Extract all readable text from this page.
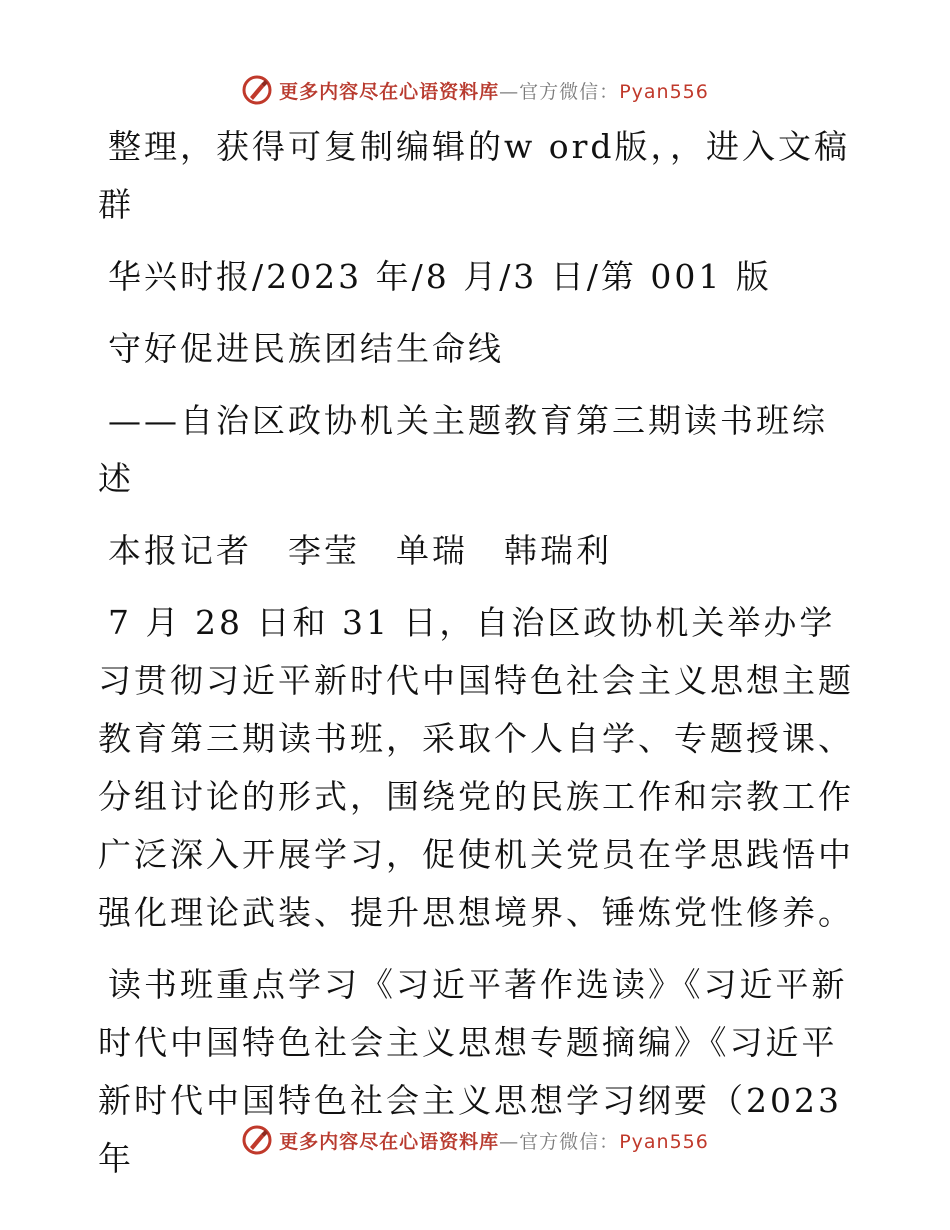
更多内容尽在心语资料库—官方微信：Pyan556

整理，获得可复制编辑的w ord版，，进入文稿群

华兴时报/2023 年/8 月/3 日/第 001 版

守好促进民族团结生命线

——自治区政协机关主题教育第三期读书班综述

本报记者　李莹　单瑞　韩瑞利

7 月 28 日和 31 日，自治区政协机关举办学习贯彻习近平新时代中国特色社会主义思想主题教育第三期读书班，采取个人自学、专题授课、分组讨论的形式，围绕党的民族工作和宗教工作广泛深入开展学习，促使机关党员在学思践悟中强化理论武装、提升思想境界、锤炼党性修养。

读书班重点学习《习近平著作选读》《习近平新时代中国特色社会主义思想专题摘编》《习近平新时代中国特色社会主义思想学习纲要（2023 年	更多内容尽在心语资料库—官方微信：Pyan556
